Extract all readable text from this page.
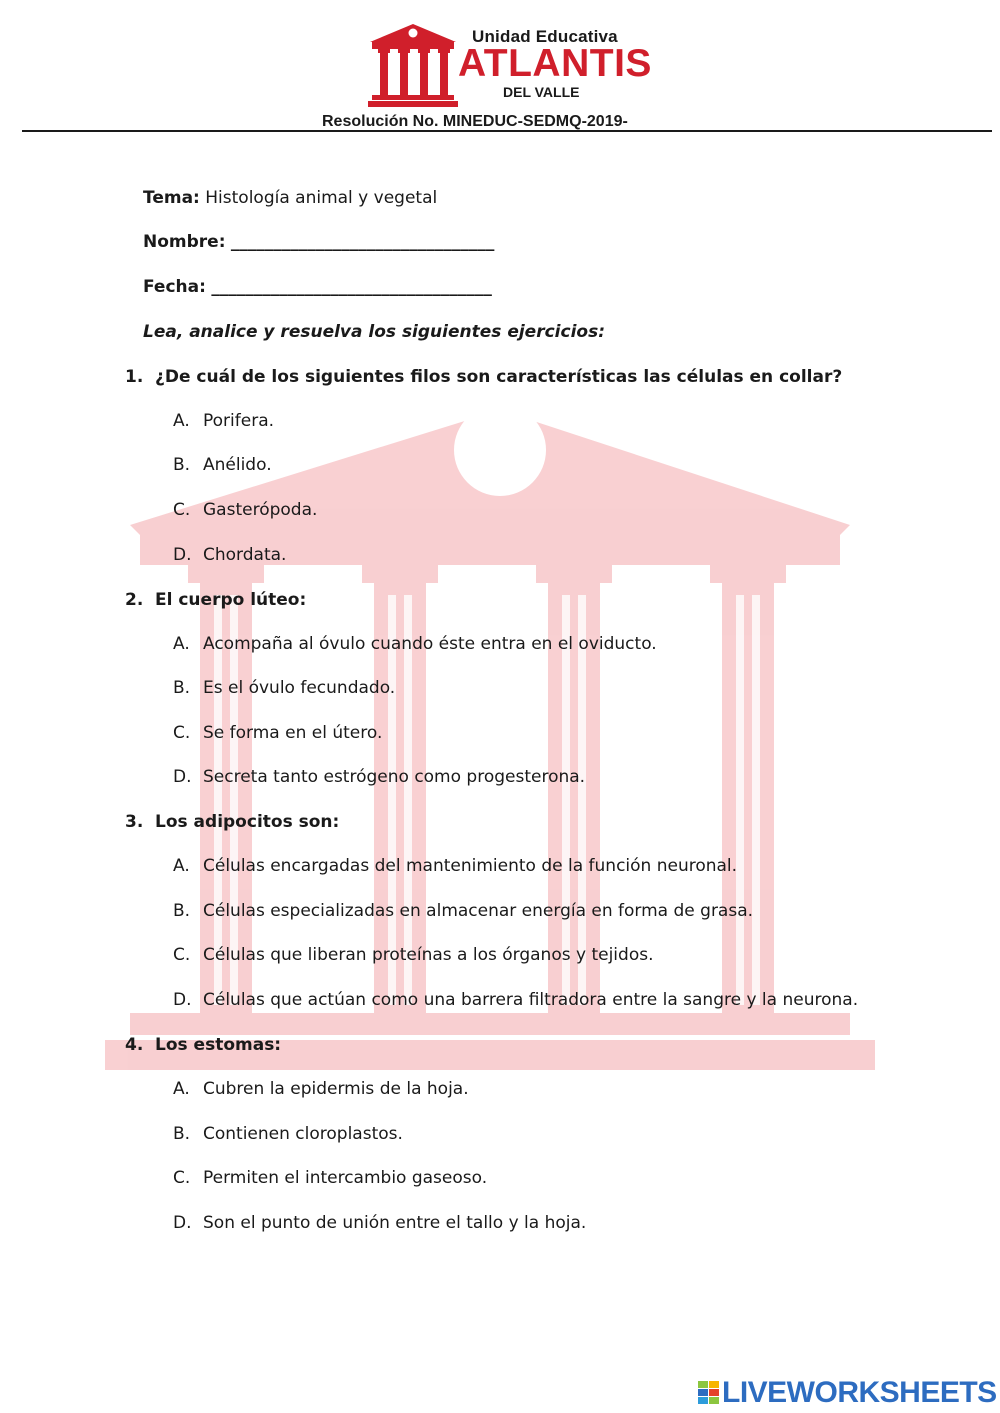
Unidad Educativa
ATLANTIS
DEL VALLE
Resolución No. MINEDUC-SEDMQ-2019-
Tema: Histología animal y vegetal
Nombre: _______________________________
Fecha: _________________________________
Lea, analice y resuelva los siguientes ejercicios:
1. ¿De cuál de los siguientes filos son características las células en collar?
A. Porifera.
B. Anélido.
C. Gasterópoda.
D. Chordata.
2. El cuerpo lúteo:
A. Acompaña al óvulo cuando éste entra en el oviducto.
B. Es el óvulo fecundado.
C. Se forma en el útero.
D. Secreta tanto estrógeno como progesterona.
3. Los adipocitos son:
A. Células encargadas del mantenimiento de la función neuronal.
B. Células especializadas en almacenar energía en forma de grasa.
C. Células que liberan proteínas a los órganos y tejidos.
D. Células que actúan como una barrera filtradora entre la sangre y la neurona.
4. Los estomas:
A. Cubren la epidermis de la hoja.
B. Contienen cloroplastos.
C. Permiten el intercambio gaseoso.
D. Son el punto de unión entre el tallo y la hoja.
LIVEWORKSHEETS
